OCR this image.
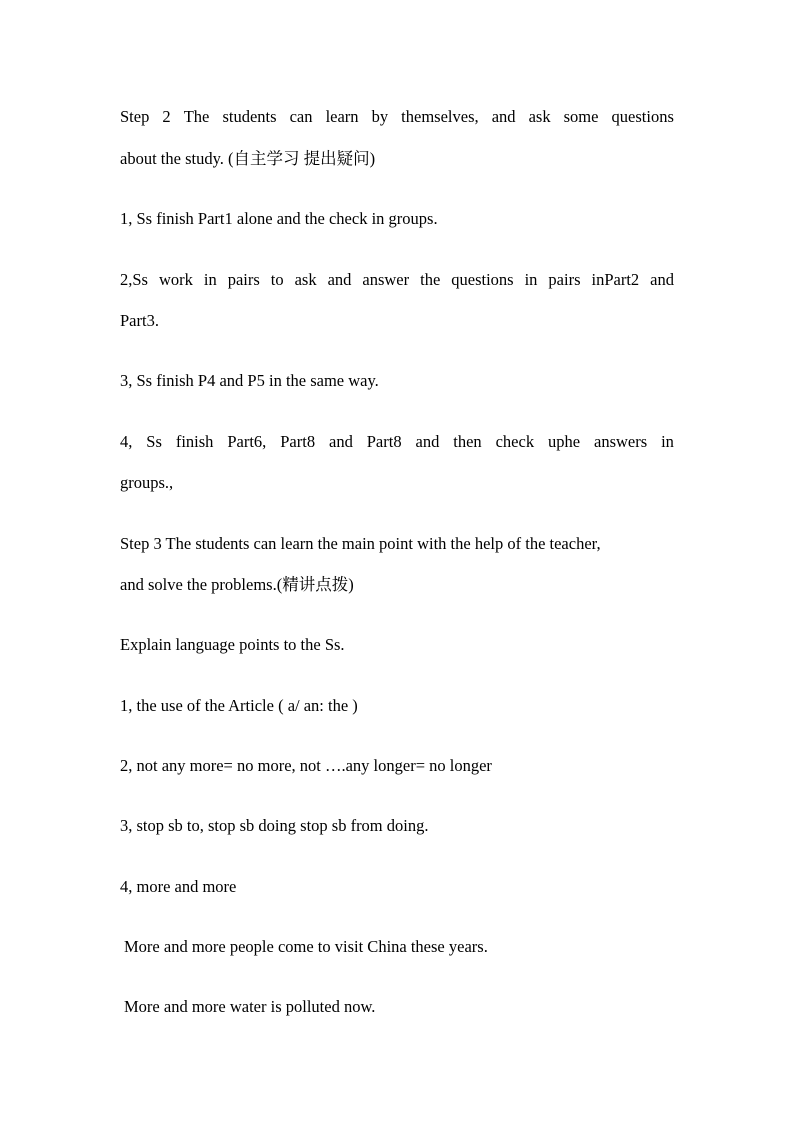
Step 2 The students can learn by themselves, and ask some questions
about the study. (自主学习 提出疑问)
1, Ss finish Part1 alone and the check in groups.
2,Ss work in pairs to ask and answer the questions in pairs inPart2 and
Part3.
3, Ss finish P4 and P5 in the same way.
4, Ss finish Part6, Part8 and Part8 and then check uphe answers in
groups.,
Step 3 The students can learn the main point with the help of the teacher,
and solve the problems.(精讲点拨)
Explain language points to the Ss.
1, the use of the Article ( a/ an: the )
2, not any more= no more, not ….any longer= no longer
3, stop sb to, stop sb doing stop sb from doing.
4, more and more
More and more people come to visit China these years.
More and more water is polluted now.
